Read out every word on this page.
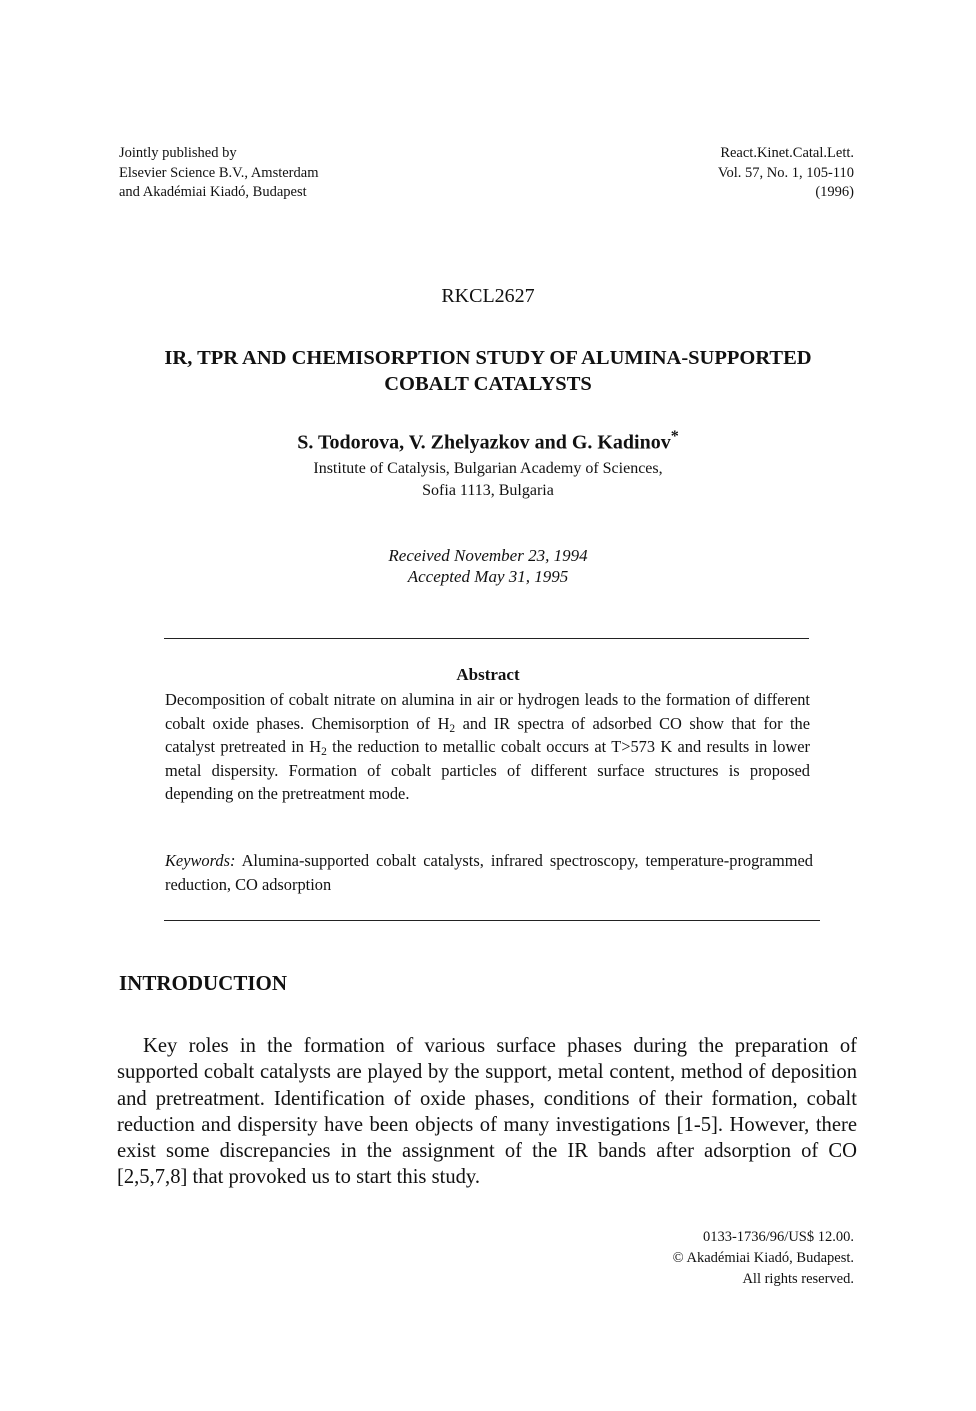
Jointly published by
Elsevier Science B.V., Amsterdam
and Akadémiai Kiadó, Budapest
React.Kinet.Catal.Lett.
Vol. 57, No. 1, 105-110
(1996)
RKCL2627
IR, TPR AND CHEMISORPTION STUDY OF ALUMINA-SUPPORTED
COBALT CATALYSTS
S. Todorova, V. Zhelyazkov and G. Kadinov*
Institute of Catalysis, Bulgarian Academy of Sciences,
Sofia 1113, Bulgaria
Received November 23, 1994
Accepted May 31, 1995
Abstract
Decomposition of cobalt nitrate on alumina in air or hydrogen leads to the formation of different cobalt oxide phases. Chemisorption of $H_2$ and IR spectra of adsorbed CO show that for the catalyst pretreated in $H_2$ the reduction to metallic cobalt occurs at T>573 K and results in lower metal dispersity. Formation of cobalt particles of different surface structures is proposed depending on the pretreatment mode.
Keywords: Alumina-supported cobalt catalysts, infrared spectroscopy, temperature-programmed reduction, CO adsorption
INTRODUCTION
Key roles in the formation of various surface phases during the preparation of supported cobalt catalysts are played by the support, metal content, method of deposition and pretreatment. Identification of oxide phases, conditions of their formation, cobalt reduction and dispersity have been objects of many investigations [1-5]. However, there exist some discrepancies in the assignment of the IR bands after adsorption of CO [2,5,7,8] that provoked us to start this study.
0133-1736/96/US$ 12.00.
© Akadémiai Kiadó, Budapest.
All rights reserved.
